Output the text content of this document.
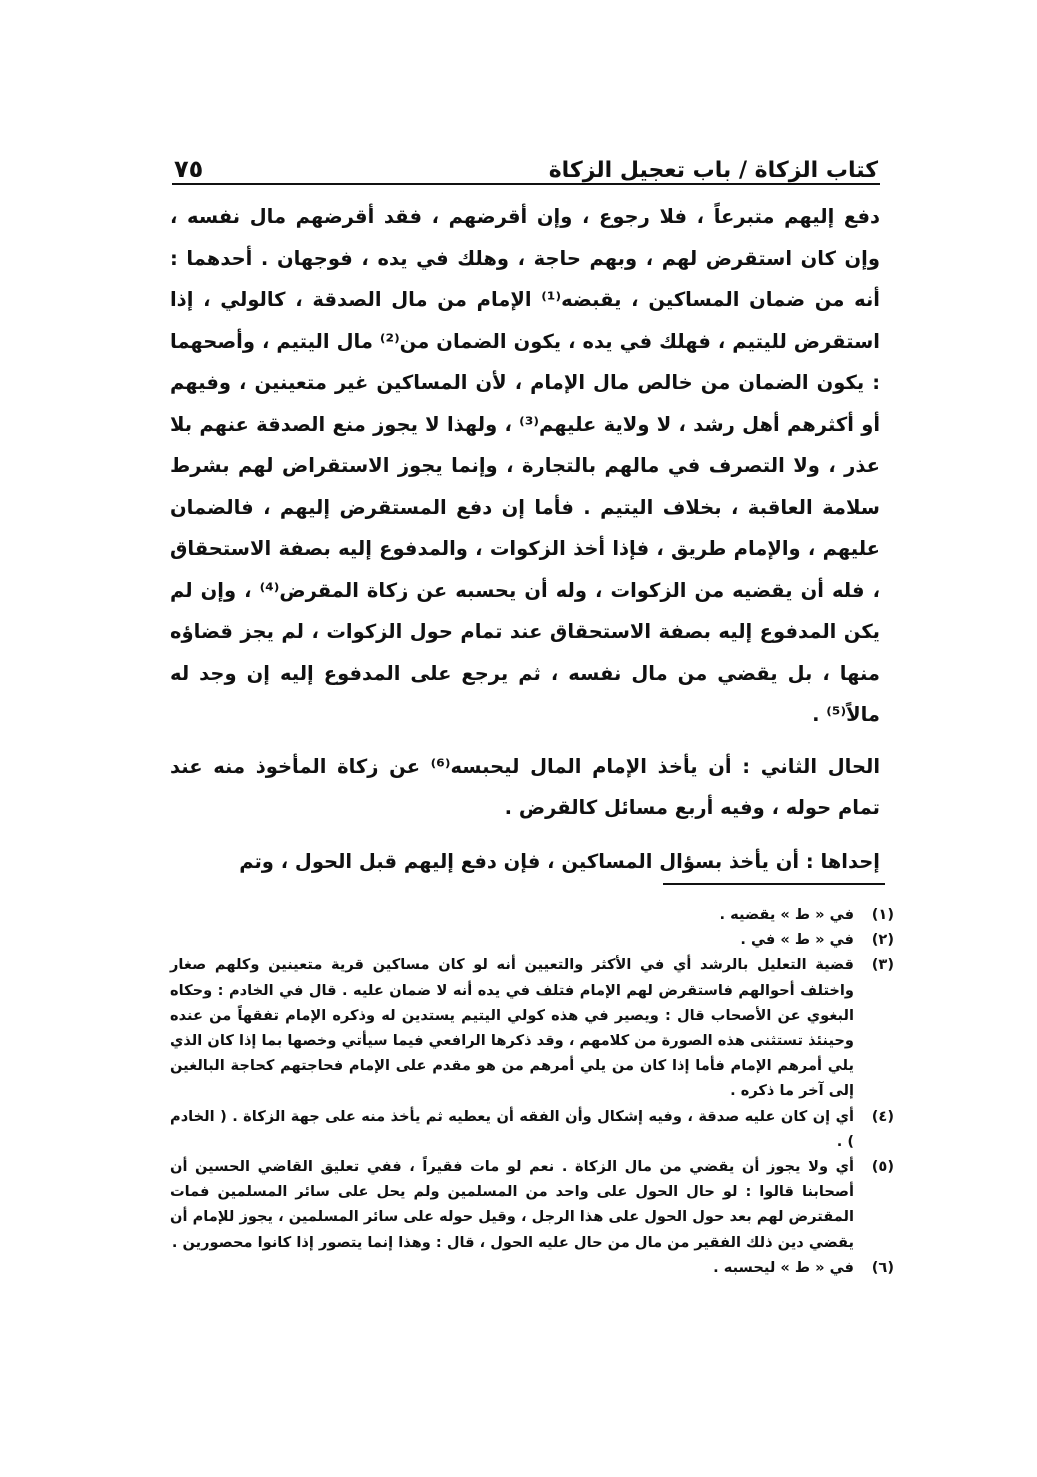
٧٥	كتاب الزكاة / باب تعجيل الزكاة

دفع إليهم متبرعاً ، فلا رجوع ، وإن أقرضهم ، فقد أقرضهم مال نفسه ، وإن كان استقرض لهم ، وبهم حاجة ، وهلك في يده ، فوجهان . أحدهما : أنه من ضمان المساكين ، يقبضه⁽¹⁾ الإمام من مال الصدقة ، كالولي ، إذا استقرض لليتيم ، فهلك في يده ، يكون الضمان من⁽²⁾ مال اليتيم ، وأصحهما : يكون الضمان من خالص مال الإمام ، لأن المساكين غير متعينين ، وفيهم أو أكثرهم أهل رشد ، لا ولاية عليهم⁽³⁾ ، ولهذا لا يجوز منع الصدقة عنهم بلا عذر ، ولا التصرف في مالهم بالتجارة ، وإنما يجوز الاستقراض لهم بشرط سلامة العاقبة ، بخلاف اليتيم . فأما إن دفع المستقرض إليهم ، فالضمان عليهم ، والإمام طريق ، فإذا أخذ الزكوات ، والمدفوع إليه بصفة الاستحقاق ، فله أن يقضيه من الزكوات ، وله أن يحسبه عن زكاة المقرض⁽⁴⁾ ، وإن لم يكن المدفوع إليه بصفة الاستحقاق عند تمام حول الزكوات ، لم يجز قضاؤه منها ، بل يقضي من مال نفسه ، ثم يرجع على المدفوع إليه إن وجد له مالاً⁽⁵⁾ .

الحال الثاني : أن يأخذ الإمام المال ليحبسه⁽⁶⁾ عن زكاة المأخوذ منه عند تمام حوله ، وفيه أربع مسائل كالقرض .

إحداها : أن يأخذ بسؤال المساكين ، فإن دفع إليهم قبل الحول ، وتم

(١)
في « ط » يقضيه .
(٢)
في « ط » في .
(٣)
قضية التعليل بالرشد أي في الأكثر والتعيين أنه لو كان مساكين قرية متعينين وكلهم صغار واختلف أحوالهم فاستقرض لهم الإمام فتلف في يده أنه لا ضمان عليه . قال في الخادم : وحكاه البغوي عن الأصحاب قال : ويصير في هذه كولي اليتيم يستدين له وذكره الإمام تفقهاً من عنده وحينئذ تستثنى هذه الصورة من كلامهم ، وقد ذكرها الرافعي فيما سيأتي وخصها بما إذا كان الذي يلي أمرهم الإمام فأما إذا كان من يلي أمرهم من هو مقدم على الإمام فحاجتهم كحاجة البالغين إلى آخر ما ذكره .
(٤)
أي إن كان عليه صدقة ، وفيه إشكال وأن الفقه أن يعطيه ثم يأخذ منه على جهة الزكاة . ( الخادم ) .
(٥)
أي ولا يجوز أن يقضي من مال الزكاة . نعم لو مات فقيراً ، ففي تعليق القاضي الحسين أن أصحابنا قالوا : لو حال الحول على واحد من المسلمين ولم يحل على سائر المسلمين فمات المقترض لهم بعد حول الحول على هذا الرجل ، وقيل حوله على سائر المسلمين ، يجوز للإمام أن يقضي دين ذلك الفقير من مال من حال عليه الحول ، قال : وهذا إنما يتصور إذا كانوا محصورين .
(٦)
في « ط » ليحسبه .
